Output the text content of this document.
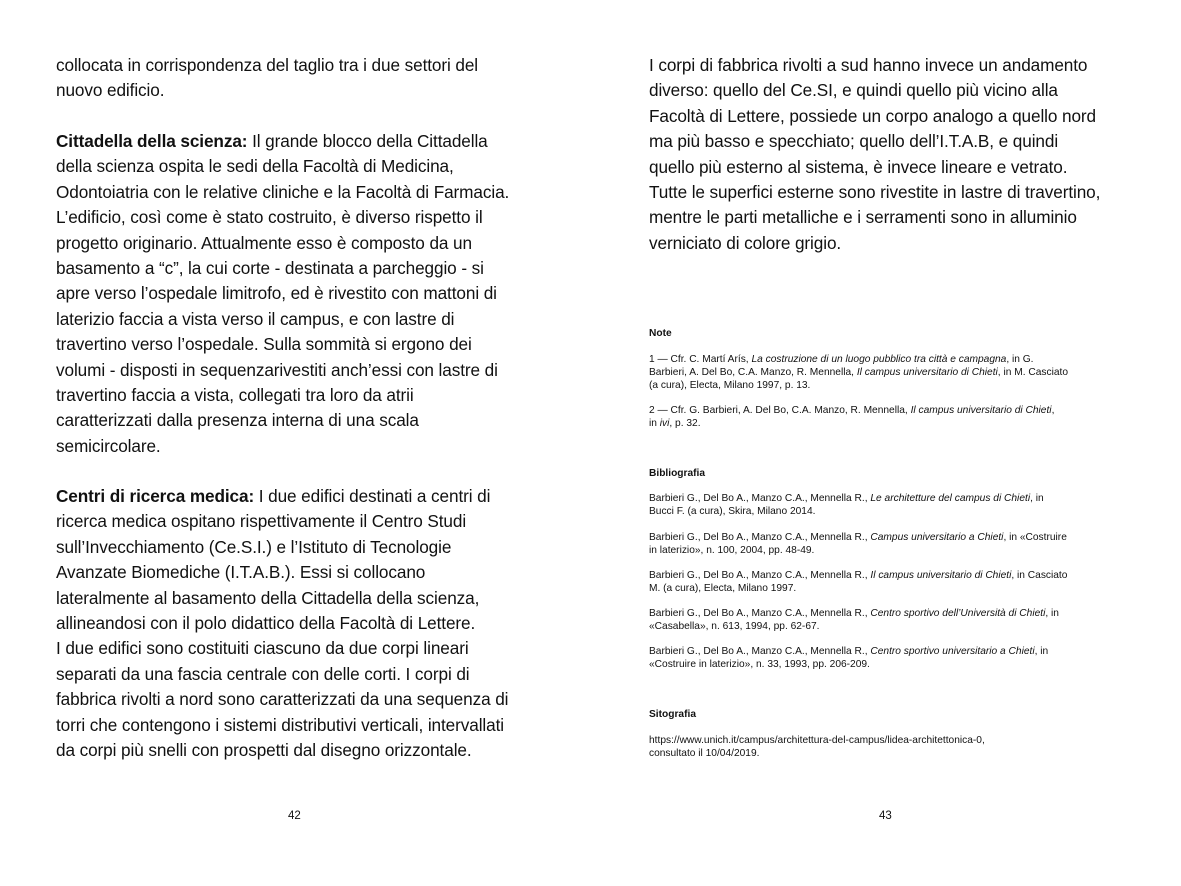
collocata in corrispondenza del taglio tra i due settori del
nuovo edificio.

Cittadella della scienza: Il grande blocco della Cittadella
della scienza ospita le sedi della Facoltà di Medicina,
Odontoiatria con le relative cliniche e la Facoltà di Farmacia.
L’edificio, così come è stato costruito, è diverso rispetto il
progetto originario. Attualmente esso è composto da un
basamento a “c”, la cui corte - destinata a parcheggio - si
apre verso l’ospedale limitrofo, ed è rivestito con mattoni di
laterizio faccia a vista verso il campus, e con lastre di
travertino verso l’ospedale. Sulla sommità si ergono dei
volumi - disposti in sequenzarivestiti anch’essi con lastre di
travertino faccia a vista, collegati tra loro da atrii
caratterizzati dalla presenza interna di una scala
semicircolare.

Centri di ricerca medica: I due edifici destinati a centri di
ricerca medica ospitano rispettivamente il Centro Studi
sull’Invecchiamento (Ce.S.I.) e l’Istituto di Tecnologie
Avanzate Biomediche (I.T.A.B.). Essi si collocano
lateralmente al basamento della Cittadella della scienza,
allineandosi con il polo didattico della Facoltà di Lettere.
I due edifici sono costituiti ciascuno da due corpi lineari
separati da una fascia centrale con delle corti. I corpi di
fabbrica rivolti a nord sono caratterizzati da una sequenza di
torri che contengono i sistemi distributivi verticali, intervallati
da corpi più snelli con prospetti dal disegno orizzontale.

42

I corpi di fabbrica rivolti a sud hanno invece un andamento
diverso: quello del Ce.SI, e quindi quello più vicino alla
Facoltà di Lettere, possiede un corpo analogo a quello nord
ma più basso e specchiato; quello dell’I.T.A.B, e quindi
quello più esterno al sistema, è invece lineare e vetrato.
Tutte le superfici esterne sono rivestite in lastre di travertino,
mentre le parti metalliche e i serramenti sono in alluminio
verniciato di colore grigio.

Note

1 — Cfr. C. Martí Arís, La costruzione di un luogo pubblico tra città e campagna, in G.
Barbieri, A. Del Bo, C.A. Manzo, R. Mennella, Il campus universitario di Chieti, in M. Casciato
(a cura), Electa, Milano 1997, p. 13.

2 — Cfr. G. Barbieri, A. Del Bo, C.A. Manzo, R. Mennella, Il campus universitario di Chieti,
in ivi, p. 32.

Bibliografia

Barbieri G., Del Bo A., Manzo C.A., Mennella R., Le architetture del campus di Chieti, in
Bucci F. (a cura), Skira, Milano 2014.

Barbieri G., Del Bo A., Manzo C.A., Mennella R., Campus universitario a Chieti, in «Costruire
in laterizio», n. 100, 2004, pp. 48-49.

Barbieri G., Del Bo A., Manzo C.A., Mennella R., Il campus universitario di Chieti, in Casciato
M. (a cura), Electa, Milano 1997.

Barbieri G., Del Bo A., Manzo C.A., Mennella R., Centro sportivo dell’Università di Chieti, in
«Casabella», n. 613, 1994, pp. 62-67.

Barbieri G., Del Bo A., Manzo C.A., Mennella R., Centro sportivo universitario a Chieti, in
«Costruire in laterizio», n. 33, 1993, pp. 206-209.

Sitografia

https://www.unich.it/campus/architettura-del-campus/lidea-architettonica-0,
consultato il 10/04/2019.

43
